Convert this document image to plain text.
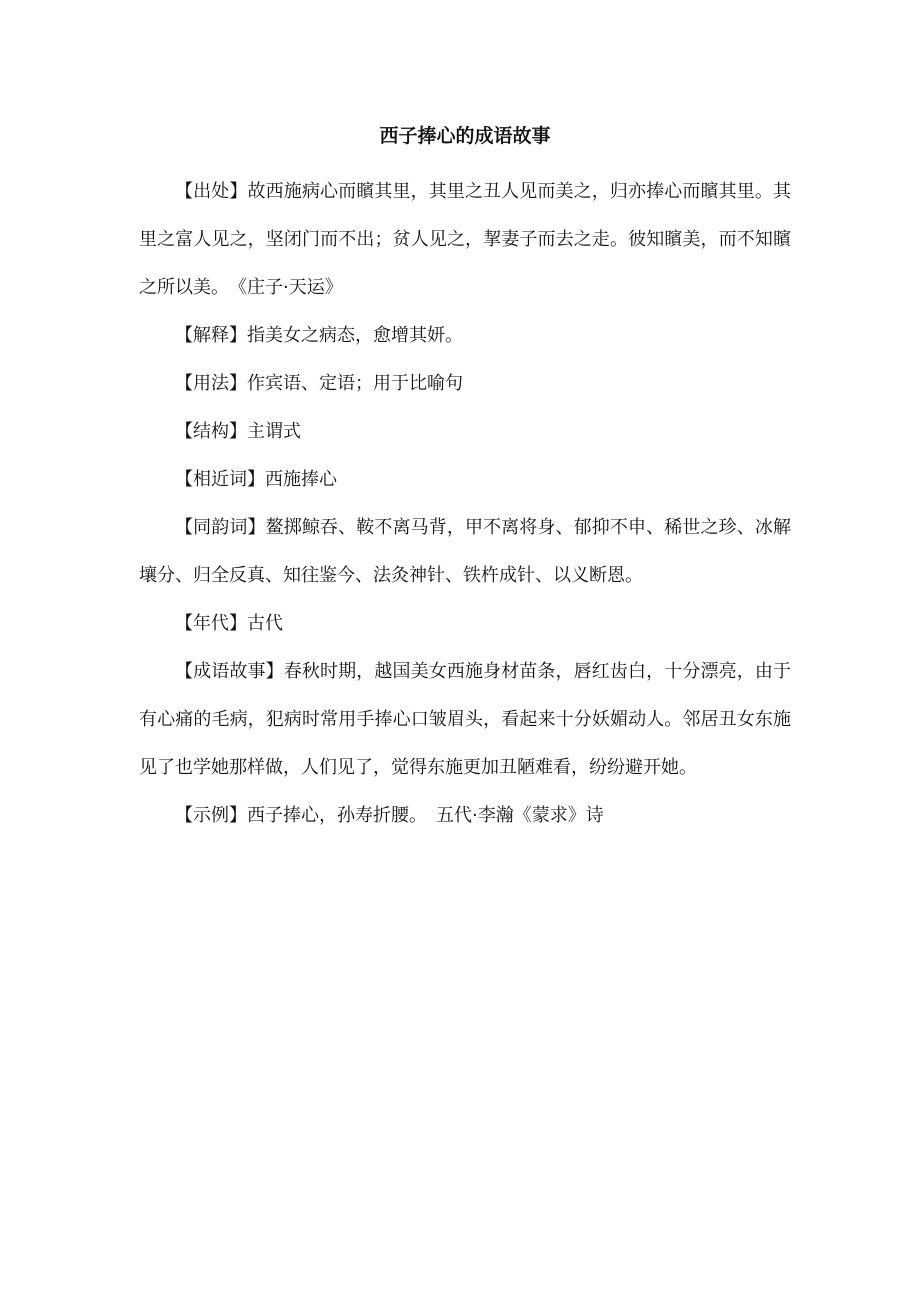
西子捧心的成语故事

【出处】故西施病心而矉其里，其里之丑人见而美之，归亦捧心而矉其里。其里之富人见之，坚闭门而不出；贫人见之，挈妻子而去之走。彼知矉美，而不知矉之所以美。　《庄子·天运》

【解释】指美女之病态，愈增其妍。

【用法】作宾语、定语；用于比喻句

【结构】主谓式

【相近词】西施捧心

【同韵词】鳌掷鲸吞、鞍不离马背，甲不离将身、郁抑不申、稀世之珍、冰解壤分、归全反真、知往鉴今、法灸神针、铁杵成针、以义断恩。

【年代】古代

【成语故事】春秋时期，越国美女西施身材苗条，唇红齿白，十分漂亮，由于有心痛的毛病，犯病时常用手捧心口皱眉头，看起来十分妖媚动人。邻居丑女东施见了也学她那样做，人们见了，觉得东施更加丑陋难看，纷纷避开她。

【示例】西子捧心，孙寿折腰。　五代·李瀚《蒙求》诗
